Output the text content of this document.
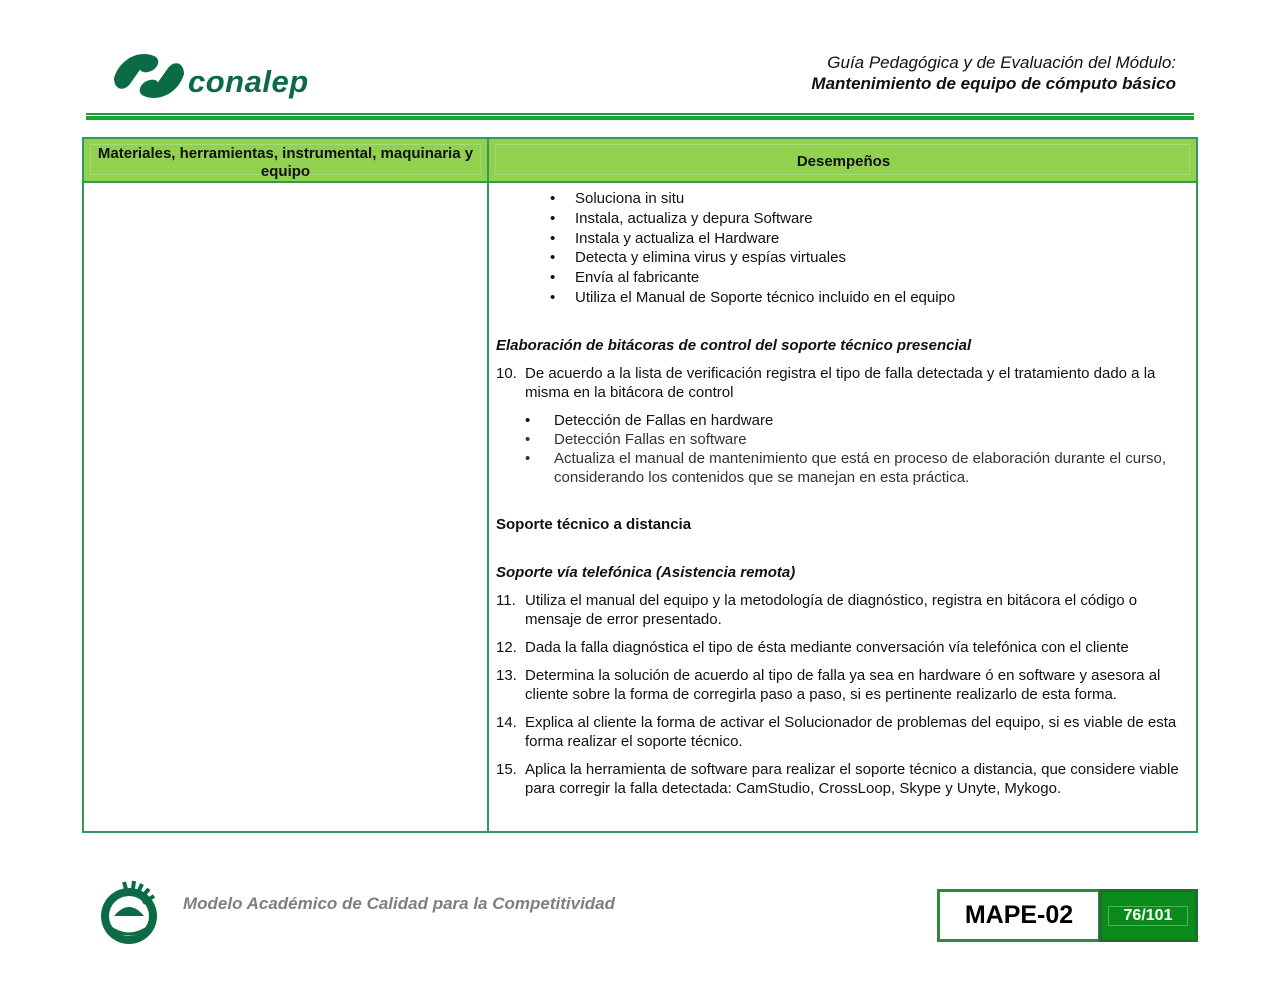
conalep
Guía Pedagógica y de Evaluación del Módulo:
Mantenimiento de equipo de cómputo básico
Materiales, herramientas, instrumental, maquinaria y equipo
Desempeños
• Soluciona in situ
• Instala, actualiza y depura Software
• Instala y actualiza el Hardware
• Detecta y elimina virus y espías virtuales
• Envía al fabricante
• Utiliza el Manual de Soporte técnico incluido en el equipo
Elaboración de bitácoras de control del soporte técnico presencial
10. De acuerdo a la lista de verificación registra el tipo de falla detectada y el tratamiento dado a la misma en la bitácora de control
• Detección de Fallas en hardware
• Detección Fallas en software
• Actualiza el manual de mantenimiento que está en proceso de elaboración durante el curso, considerando los contenidos que se manejan en esta práctica.
Soporte técnico a distancia
Soporte vía telefónica (Asistencia remota)
11. Utiliza el manual del equipo y la metodología de diagnóstico, registra en bitácora el código o mensaje de error presentado.
12. Dada la falla diagnóstica el tipo de ésta mediante conversación vía telefónica con el cliente
13. Determina la solución de acuerdo al tipo de falla ya sea en hardware ó en software y asesora al cliente sobre la forma de corregirla paso a paso, si es pertinente realizarlo de esta forma.
14. Explica al cliente la forma de activar el Solucionador de problemas del equipo, si es viable de esta forma realizar el soporte técnico.
15. Aplica la herramienta de software para realizar el soporte técnico a distancia, que considere viable para corregir la falla detectada: CamStudio, CrossLoop, Skype y Unyte, Mykogo.
Modelo Académico de Calidad para la Competitividad	MAPE-02	76/101
